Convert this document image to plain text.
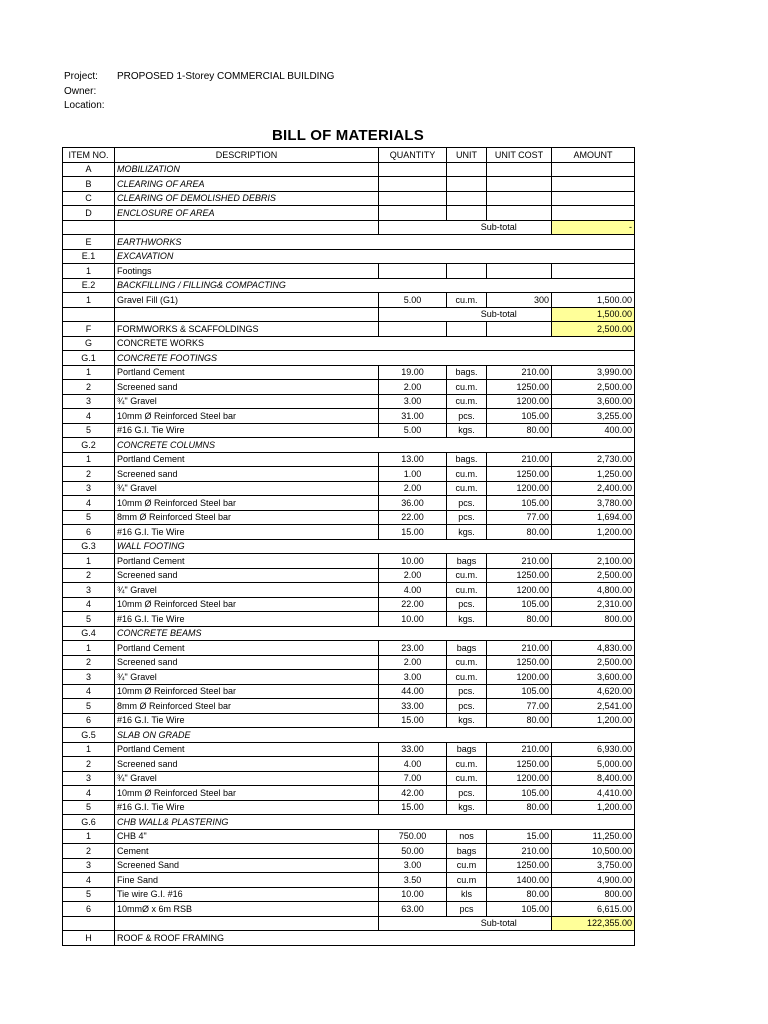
Project:	PROPOSED 1-Storey COMMERCIAL BUILDING
Owner:
Location:
BILL OF MATERIALS
ITEM NO.	DESCRIPTION	QUANTITY	UNIT	UNIT COST	AMOUNT
A	MOBILIZATION				
B	CLEARING OF AREA				
C	CLEARING OF DEMOLISHED DEBRIS				
D	ENCLOSURE OF AREA				
			Sub-total		-
E	EARTHWORKS				
E.1	EXCAVATION				
1	Footings				
E.2	BACKFILLING / FILLING& COMPACTING				
1	Gravel Fill (G1)	5.00	cu.m.	300	1,500.00
			Sub-total		1,500.00
F	FORMWORKS & SCAFFOLDINGS				2,500.00
G	CONCRETE WORKS				
G.1	CONCRETE FOOTINGS				
1	Portland Cement	19.00	bags.	210.00	3,990.00
2	Screened sand	2.00	cu.m.	1250.00	2,500.00
3	¾" Gravel	3.00	cu.m.	1200.00	3,600.00
4	10mm Ø Reinforced Steel bar	31.00	pcs.	105.00	3,255.00
5	#16 G.I. Tie Wire	5.00	kgs.	80.00	400.00
G.2	CONCRETE COLUMNS				
1	Portland Cement	13.00	bags.	210.00	2,730.00
2	Screened sand	1.00	cu.m.	1250.00	1,250.00
3	¾" Gravel	2.00	cu.m.	1200.00	2,400.00
4	10mm Ø Reinforced Steel bar	36.00	pcs.	105.00	3,780.00
5	8mm Ø Reinforced Steel bar	22.00	pcs.	77.00	1,694.00
6	#16 G.I. Tie Wire	15.00	kgs.	80.00	1,200.00
G.3	WALL FOOTING				
1	Portland Cement	10.00	bags	210.00	2,100.00
2	Screened sand	2.00	cu.m.	1250.00	2,500.00
3	¾" Gravel	4.00	cu.m.	1200.00	4,800.00
4	10mm Ø Reinforced Steel bar	22.00	pcs.	105.00	2,310.00
5	#16 G.I. Tie Wire	10.00	kgs.	80.00	800.00
G.4	CONCRETE BEAMS				
1	Portland Cement	23.00	bags	210.00	4,830.00
2	Screened sand	2.00	cu.m.	1250.00	2,500.00
3	¾" Gravel	3.00	cu.m.	1200.00	3,600.00
4	10mm Ø Reinforced Steel bar	44.00	pcs.	105.00	4,620.00
5	8mm Ø Reinforced Steel bar	33.00	pcs.	77.00	2,541.00
6	#16 G.I. Tie Wire	15.00	kgs.	80.00	1,200.00
G.5	SLAB ON GRADE				
1	Portland Cement	33.00	bags	210.00	6,930.00
2	Screened sand	4.00	cu.m.	1250.00	5,000.00
3	¾" Gravel	7.00	cu.m.	1200.00	8,400.00
4	10mm Ø Reinforced Steel bar	42.00	pcs.	105.00	4,410.00
5	#16 G.I. Tie Wire	15.00	kgs.	80.00	1,200.00
G.6	CHB WALL& PLASTERING				
1	CHB 4"	750.00	nos	15.00	11,250.00
2	Cement	50.00	bags	210.00	10,500.00
3	Screened Sand	3.00	cu.m	1250.00	3,750.00
4	Fine Sand	3.50	cu.m	1400.00	4,900.00
5	Tie wire G.I. #16	10.00	kls	80.00	800.00
6	10mmØ x 6m RSB	63.00	pcs	105.00	6,615.00
			Sub-total		122,355.00
H	ROOF & ROOF FRAMING				
